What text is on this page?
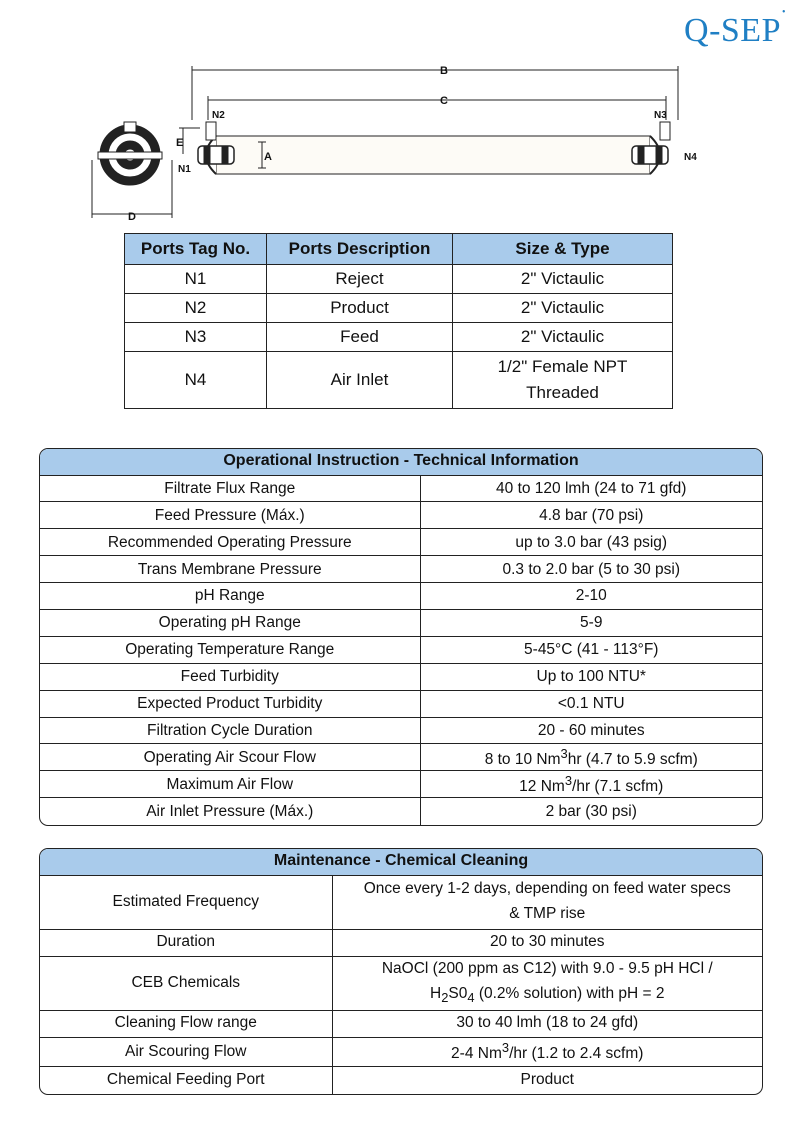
Q-SEP•
B
C
A
D
E
N1
N2	N3
N4
Ports Tag No.	Ports Description	Size & Type
N1	Reject	2" Victaulic
N2	Product	2" Victaulic
N3	Feed	2" Victaulic
N4	Air Inlet	1/2" Female NPT
Threaded
Operational Instruction - Technical Information	
Filtrate Flux Range	40 to 120 lmh (24 to 71 gfd)
Feed Pressure (Máx.)	4.8 bar (70 psi)
Recommended Operating Pressure	up to 3.0 bar (43 psig)
Trans Membrane Pressure	0.3 to 2.0 bar (5 to 30 psi)
pH Range	2-10
Operating pH Range	5-9
Operating Temperature Range	5-45°C (41 - 113°F)
Feed Turbidity	Up to 100 NTU*
Expected Product Turbidity	<0.1 NTU
Filtration Cycle Duration	20 - 60 minutes
Operating Air Scour Flow	8 to 10 Nm$^3$hr (4.7 to 5.9 scfm)
Maximum Air Flow	12 Nm$^3$/hr (7.1 scfm)
Air Inlet Pressure (Máx.)	2 bar (30 psi)
Maintenance - Chemical Cleaning	
Estimated Frequency	Once every 1-2 days, depending on feed water specs
& TMP rise

Duration	20 to 30 minutes
CEB Chemicals	NaOCl (200 ppm as C12) with 9.0 - 9.5 pH HCl /
$H_2S0_4$ (0.2% solution) with pH = 2

Cleaning Flow range	30 to 40 lmh (18 to 24 gfd)
Air Scouring Flow	2-4 Nm$^3$/hr (1.2 to 2.4 scfm)
Chemical Feeding Port	Product
